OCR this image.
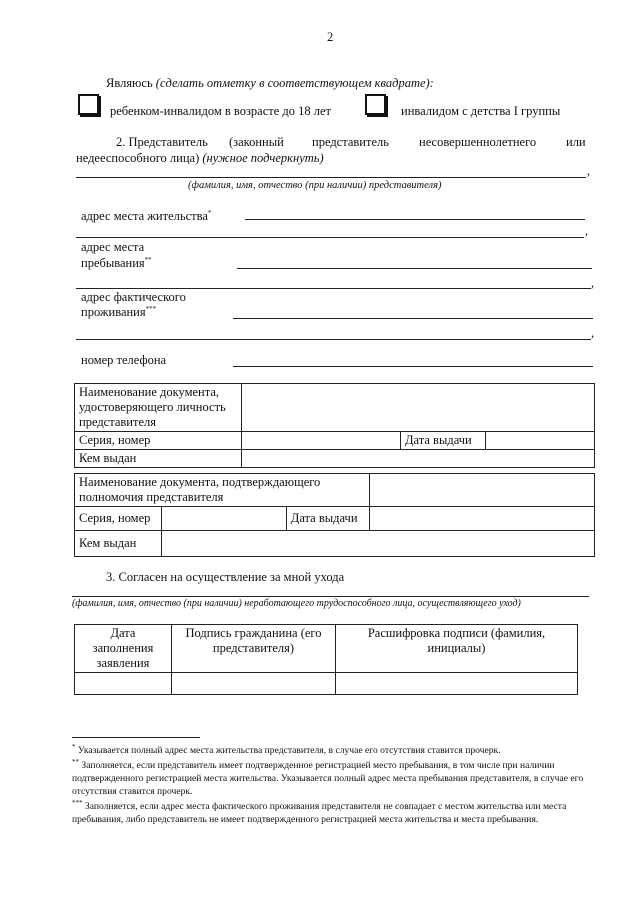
2
Являюсь (сделать отметку в соответствующем квадрате):
ребенком-инвалидом в возрасте до 18 лет	инвалидом с детства I группы
2. Представитель (законный представитель несовершеннолетнего или
недееспособного лица) (нужное подчеркнуть)
,
(фамилия, имя, отчество (при наличии) представителя)
адрес места жительства*
,
адрес места
пребывания**
,
адрес фактического
проживания***
,
номер телефона
Наименование документа, удостоверяющего личность представителя			
Серия, номер		Дата выдачи	
Кем выдан			
Наименование документа, подтверждающего полномочия представителя			
Серия, номер		Дата выдачи	
Кем выдан			
3. Согласен на осуществление за мной ухода
(фамилия, имя, отчество (при наличии) неработающего трудоспособного лица, осуществляющего уход)
Дата заполнения заявления	Подпись гражданина (его представителя)	Расшифровка подписи (фамилия, инициалы)

* Указывается полный адрес места жительства представителя, в случае его отсутствия ставится прочерк.
** Заполняется, если представитель имеет подтвержденное регистрацией место пребывания, в том числе при наличии подтвержденного регистрацией места жительства. Указывается полный адрес места пребывания представителя, в случае его отсутствия ставится прочерк.
*** Заполняется, если адрес места фактического проживания представителя не совпадает с местом жительства или места пребывания, либо представитель не имеет подтвержденного регистрацией места жительства и места пребывания.
